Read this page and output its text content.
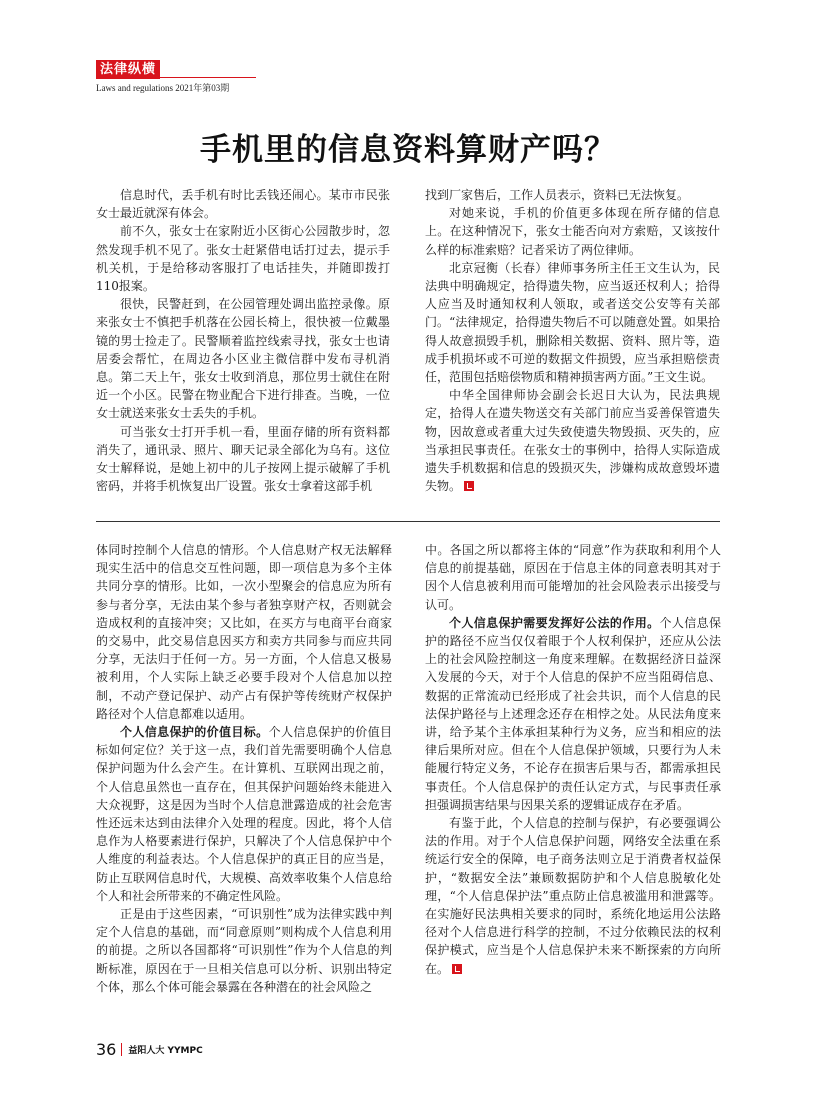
法律纵横
Laws and regulations 2021年第03期
手机里的信息资料算财产吗？

信息时代，丢手机有时比丢钱还闹心。某市市民张女士最近就深有体会。

前不久，张女士在家附近小区街心公园散步时，忽然发现手机不见了。张女士赶紧借电话打过去，提示手机关机，于是给移动客服打了电话挂失，并随即拨打110报案。

很快，民警赶到，在公园管理处调出监控录像。原来张女士不慎把手机落在公园长椅上，很快被一位戴墨镜的男士捡走了。民警顺着监控线索寻找，张女士也请居委会帮忙，在周边各小区业主微信群中发布寻机消息。第二天上午，张女士收到消息，那位男士就住在附近一个小区。民警在物业配合下进行排查。当晚，一位女士就送来张女士丢失的手机。

可当张女士打开手机一看，里面存储的所有资料都消失了，通讯录、照片、聊天记录全部化为乌有。这位女士解释说，是她上初中的儿子按网上提示破解了手机密码，并将手机恢复出厂设置。张女士拿着这部手机

找到厂家售后，工作人员表示，资料已无法恢复。

对她来说，手机的价值更多体现在所存储的信息上。在这种情况下，张女士能否向对方索赔，又该按什么样的标准索赔？记者采访了两位律师。

北京冠衡（长春）律师事务所主任王文生认为，民法典中明确规定，拾得遗失物，应当返还权利人；拾得人应当及时通知权利人领取，或者送交公安等有关部门。“法律规定，拾得遗失物后不可以随意处置。如果拾得人故意损毁手机，删除相关数据、资料、照片等，造成手机损坏或不可逆的数据文件损毁，应当承担赔偿责任，范围包括赔偿物质和精神损害两方面。”王文生说。

中华全国律师协会副会长迟日大认为，民法典规定，拾得人在遗失物送交有关部门前应当妥善保管遗失物，因故意或者重大过失致使遗失物毁损、灭失的，应当承担民事责任。在张女士的事例中，拾得人实际造成遗失手机数据和信息的毁损灭失，涉嫌构成故意毁坏遗失物。

体同时控制个人信息的情形。个人信息财产权无法解释现实生活中的信息交互性问题，即一项信息为多个主体共同分享的情形。比如，一次小型聚会的信息应为所有参与者分享，无法由某个参与者独享财产权，否则就会造成权利的直接冲突；又比如，在买方与电商平台商家的交易中，此交易信息因买方和卖方共同参与而应共同分享，无法归于任何一方。另一方面，个人信息又极易被利用，个人实际上缺乏必要手段对个人信息加以控制，不动产登记保护、动产占有保护等传统财产权保护路径对个人信息都难以适用。

个人信息保护的价值目标。个人信息保护的价值目标如何定位？关于这一点，我们首先需要明确个人信息保护问题为什么会产生。在计算机、互联网出现之前，个人信息虽然也一直存在，但其保护问题始终未能进入大众视野，这是因为当时个人信息泄露造成的社会危害性还远未达到由法律介入处理的程度。因此，将个人信息作为人格要素进行保护，只解决了个人信息保护中个人维度的利益表达。个人信息保护的真正目的应当是，防止互联网信息时代，大规模、高效率收集个人信息给个人和社会所带来的不确定性风险。

正是由于这些因素，“可识别性”成为法律实践中判定个人信息的基础，而“同意原则”则构成个人信息利用的前提。之所以各国都将“可识别性”作为个人信息的判断标准，原因在于一旦相关信息可以分析、识别出特定个体，那么个体可能会暴露在各种潜在的社会风险之

中。各国之所以都将主体的“同意”作为获取和利用个人信息的前提基础，原因在于信息主体的同意表明其对于因个人信息被利用而可能增加的社会风险表示出接受与认可。

个人信息保护需要发挥好公法的作用。个人信息保护的路径不应当仅仅着眼于个人权利保护，还应从公法上的社会风险控制这一角度来理解。在数据经济日益深入发展的今天，对于个人信息的保护不应当阻碍信息、数据的正常流动已经形成了社会共识，而个人信息的民法保护路径与上述理念还存在相悖之处。从民法角度来讲，给予某个主体承担某种行为义务，应当和相应的法律后果所对应。但在个人信息保护领域，只要行为人未能履行特定义务，不论存在损害后果与否，都需承担民事责任。个人信息保护的责任认定方式，与民事责任承担强调损害结果与因果关系的逻辑证成存在矛盾。

有鉴于此，个人信息的控制与保护，有必要强调公法的作用。对于个人信息保护问题，网络安全法重在系统运行安全的保障，电子商务法则立足于消费者权益保护，“数据安全法”兼顾数据防护和个人信息脱敏化处理，“个人信息保护法”重点防止信息被滥用和泄露等。在实施好民法典相关要求的同时，系统化地运用公法路径对个人信息进行科学的控制，不过分依赖民法的权利保护模式，应当是个人信息保护未来不断探索的方向所在。

36 益阳人大 YYMPC
